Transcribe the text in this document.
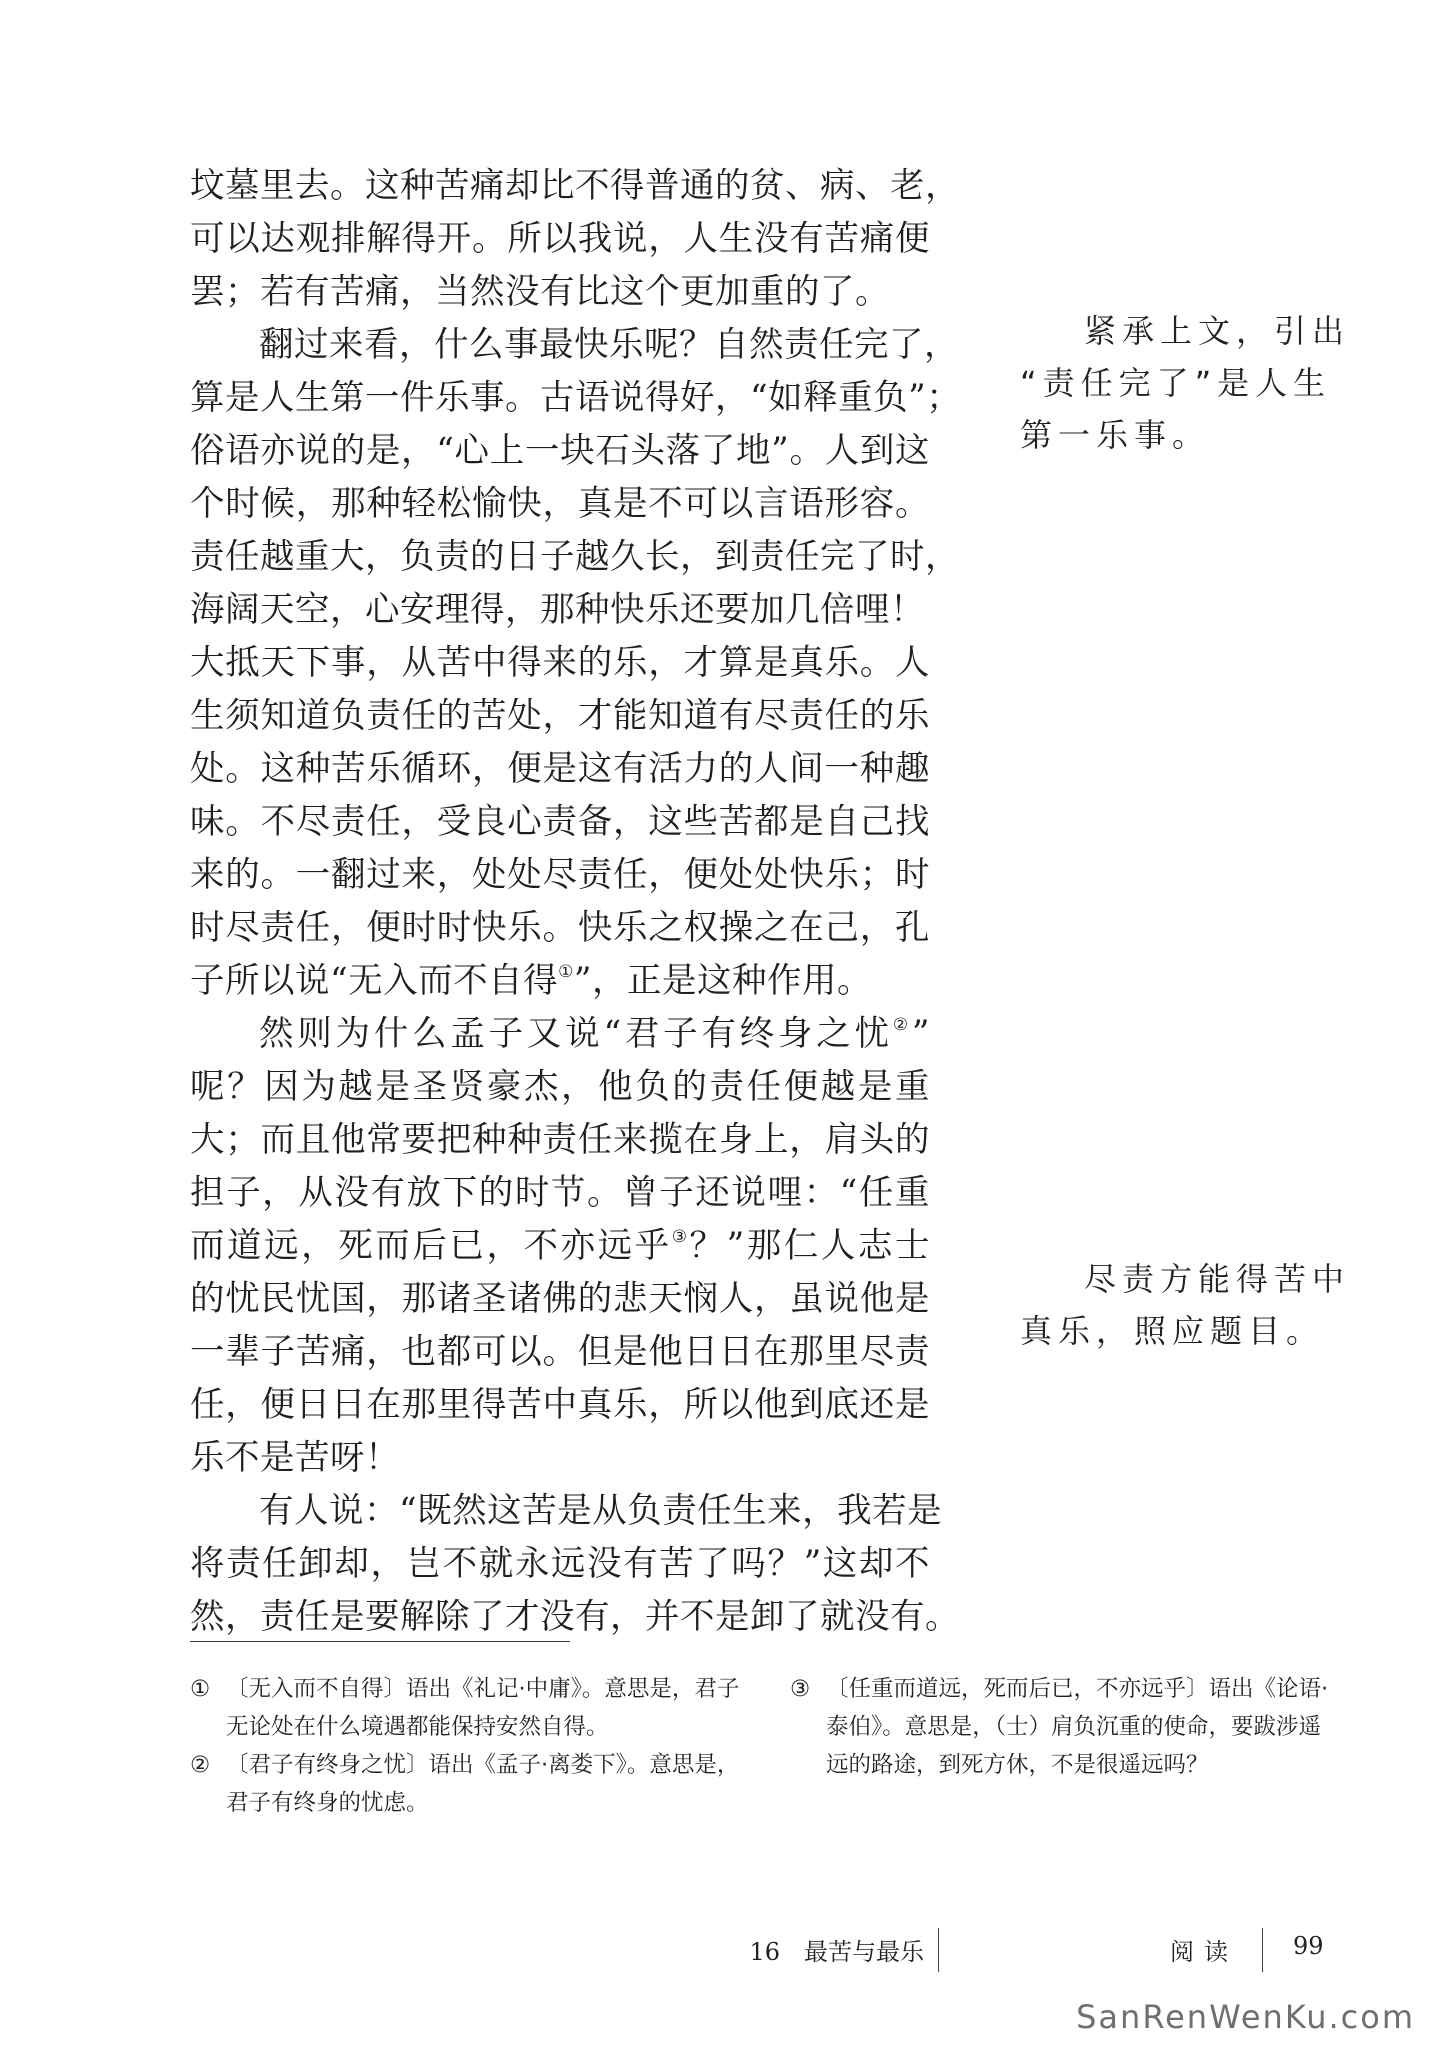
坟墓里去。这种苦痛却比不得普通的贫、病、老，
可以达观排解得开。所以我说，人生没有苦痛便
罢；若有苦痛，当然没有比这个更加重的了。
翻过来看，什么事最快乐呢？自然责任完了，
算是人生第一件乐事。古语说得好，“如释重负”；
俗语亦说的是，“心上一块石头落了地”。人到这
个时候，那种轻松愉快，真是不可以言语形容。
责任越重大，负责的日子越久长，到责任完了时，
海阔天空，心安理得，那种快乐还要加几倍哩！
大抵天下事，从苦中得来的乐，才算是真乐。人
生须知道负责任的苦处，才能知道有尽责任的乐
处。这种苦乐循环，便是这有活力的人间一种趣
味。不尽责任，受良心责备，这些苦都是自己找
来的。一翻过来，处处尽责任，便处处快乐；时
时尽责任，便时时快乐。快乐之权操之在己，孔
子所以说“无入而不自得①”，正是这种作用。
然则为什么孟子又说“君子有终身之忧②”
呢？因为越是圣贤豪杰，他负的责任便越是重
大；而且他常要把种种责任来揽在身上，肩头的
担子，从没有放下的时节。曾子还说哩：“任重
而道远，死而后已，不亦远乎③？”那仁人志士
的忧民忧国，那诸圣诸佛的悲天悯人，虽说他是
一辈子苦痛，也都可以。但是他日日在那里尽责
任，便日日在那里得苦中真乐，所以他到底还是
乐不是苦呀！
有人说：“既然这苦是从负责任生来，我若是
将责任卸却，岂不就永远没有苦了吗？”这却不
然，责任是要解除了才没有，并不是卸了就没有。
紧承上文，引出
“责任完了”是人生
第一乐事。
尽责方能得苦中
真乐，照应题目。
① 〔无入而不自得〕语出《礼记·中庸》。意思是，君子无论处在什么境遇都能保持安然自得。
② 〔君子有终身之忧〕语出《孟子·离娄下》。意思是，君子有终身的忧虑。
③ 〔任重而道远，死而后已，不亦远乎〕语出《论语·泰伯》。意思是，（士）肩负沉重的使命，要跋涉遥远的路途，到死方休，不是很遥远吗？
16 最苦与最乐	阅读 99
SanRenWenKu.com
